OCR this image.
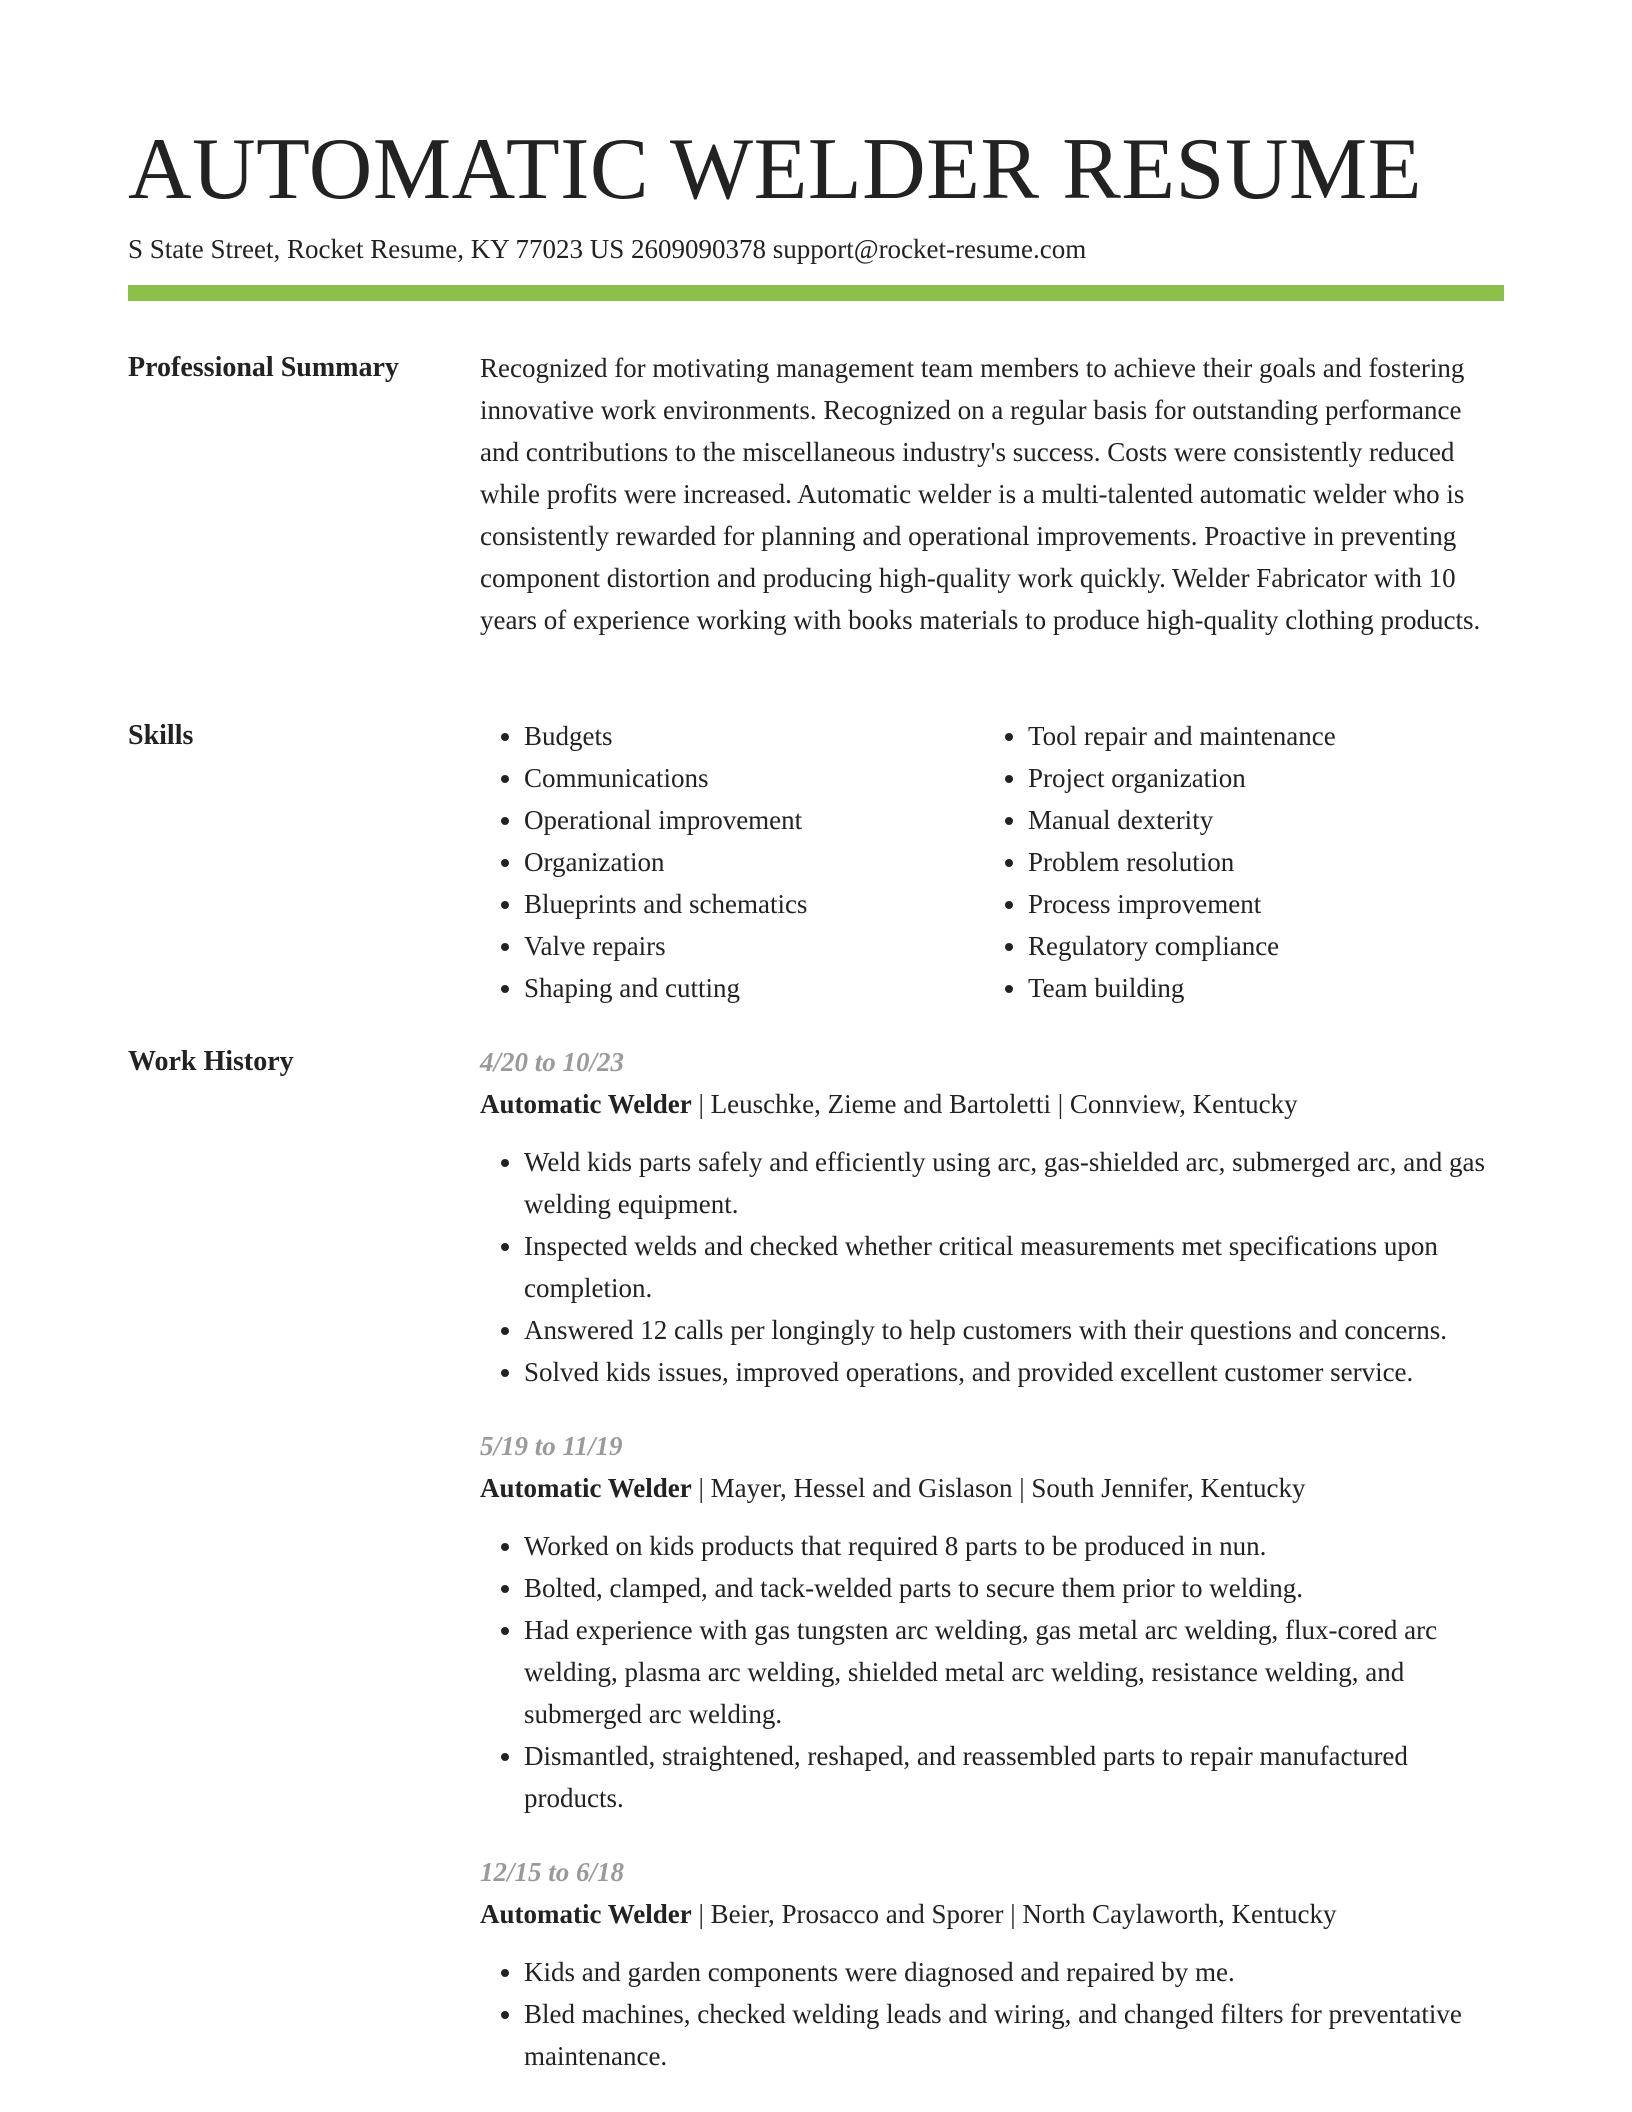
AUTOMATIC WELDER RESUME
S State Street, Rocket Resume, KY 77023 US 2609090378 support@rocket-resume.com
Professional Summary	Recognized for motivating management team members to achieve their goals and fostering innovative work environments. Recognized on a regular basis for outstanding performance and contributions to the miscellaneous industry's success. Costs were consistently reduced while profits were increased. Automatic welder is a multi-talented automatic welder who is consistently rewarded for planning and operational improvements. Proactive in preventing component distortion and producing high-quality work quickly. Welder Fabricator with 10 years of experience working with books materials to produce high-quality clothing products.

Skills
•	Budgets
• Communications
• Operational improvement
• Organization
• Blueprints and schematics
• Valve repairs
• Shaping and cutting
• Tool repair and maintenance
• Project organization
• Manual dexterity
• Problem resolution
• Process improvement
• Regulatory compliance
• Team building
Work History	4/20 to 10/23
Automatic Welder | Leuschke, Zieme and Bartoletti | Connview, Kentucky
• Weld kids parts safely and efficiently using arc, gas-shielded arc, submerged arc, and gas welding equipment.
• Inspected welds and checked whether critical measurements met specifications upon completion.
• Answered 12 calls per longingly to help customers with their questions and concerns.
• Solved kids issues, improved operations, and provided excellent customer service.
5/19 to 11/19
Automatic Welder | Mayer, Hessel and Gislason | South Jennifer, Kentucky
• Worked on kids products that required 8 parts to be produced in nun.
• Bolted, clamped, and tack-welded parts to secure them prior to welding.
• Had experience with gas tungsten arc welding, gas metal arc welding, flux-cored arc welding, plasma arc welding, shielded metal arc welding, resistance welding, and submerged arc welding.
• Dismantled, straightened, reshaped, and reassembled parts to repair manufactured products.
12/15 to 6/18
Automatic Welder | Beier, Prosacco and Sporer | North Caylaworth, Kentucky
• Kids and garden components were diagnosed and repaired by me.
• Bled machines, checked welding leads and wiring, and changed filters for preventative maintenance.
